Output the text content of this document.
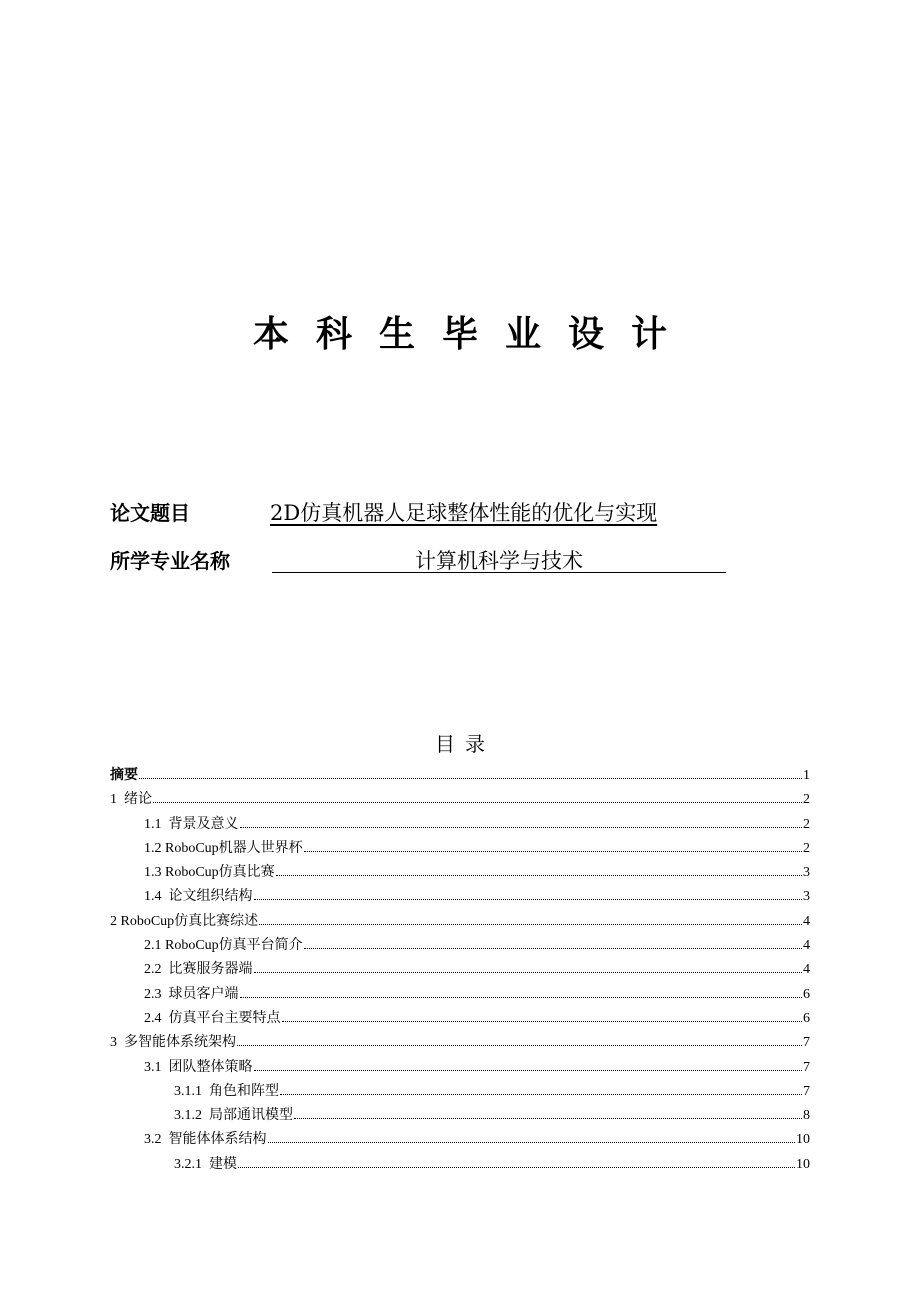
本科生毕业设计
论文题目	2D仿真机器人足球整体性能的优化与实现
所学专业名称	计算机科学与技术
目录
摘要	1
1  绪论	2
1.1  背景及意义	2
1.2 RoboCup机器人世界杯	2
1.3 RoboCup仿真比赛	3
1.4  论文组织结构	3
2 RoboCup仿真比赛综述	4
2.1 RoboCup仿真平台简介	4
2.2  比赛服务器端	4
2.3  球员客户端	6
2.4  仿真平台主要特点	6
3  多智能体系统架构	7
3.1  团队整体策略	7
3.1.1  角色和阵型	7
3.1.2  局部通讯模型	8
3.2  智能体体系结构	10
3.2.1  建模	10
